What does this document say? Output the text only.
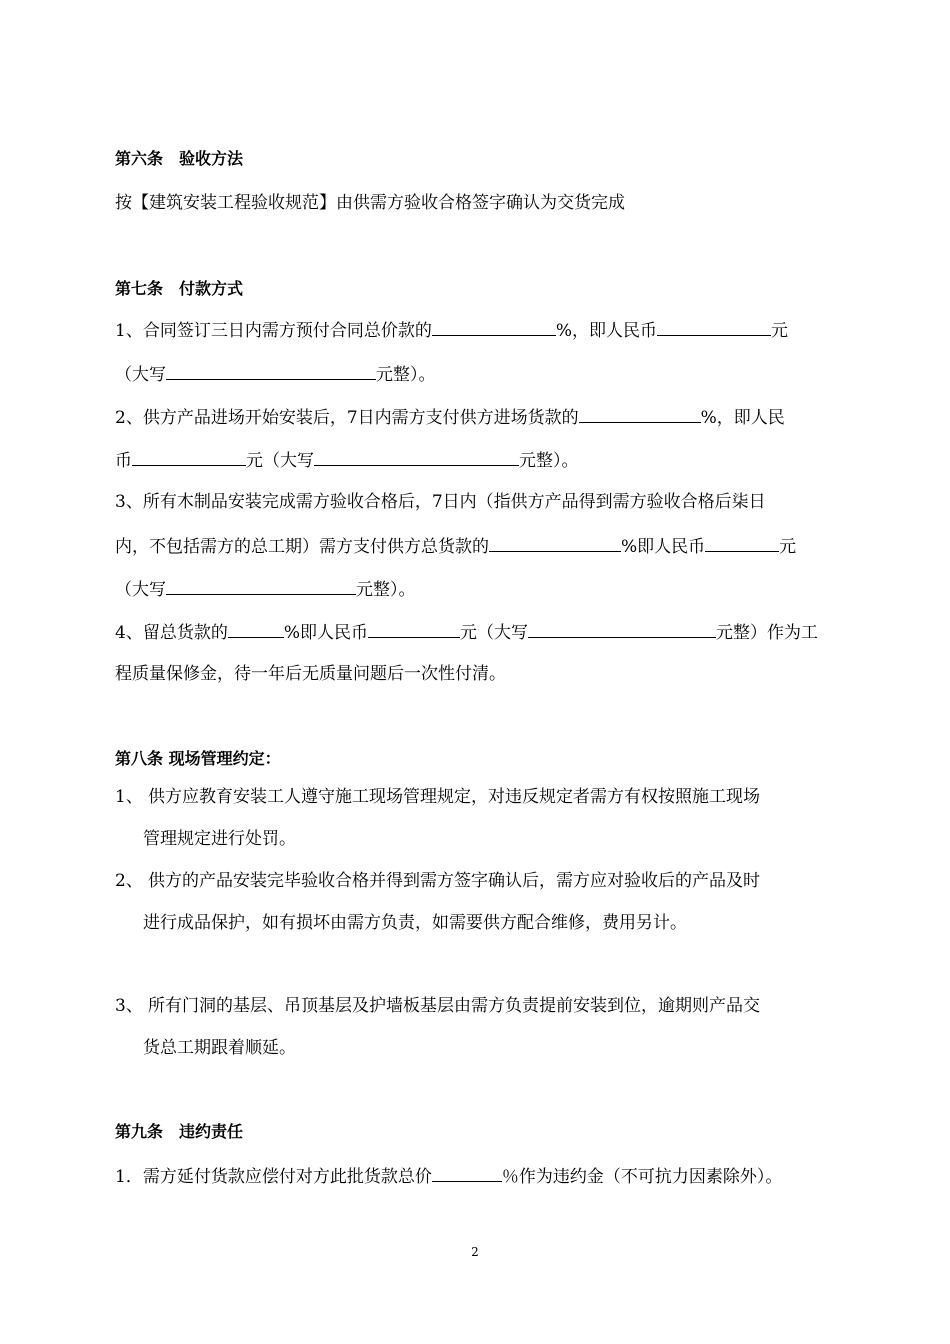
第六条　验收方法
按【建筑安装工程验收规范】由供需方验收合格签字确认为交货完成
第七条　付款方式
1、合同签订三日内需方预付合同总价款的	%，即人民币	元
（大写	元整）。
2、供方产品进场开始安装后，7日内需方支付供方进场货款的	%，即人民
币	元（大写	元整）。
3、所有木制品安装完成需方验收合格后，7日内（指供方产品得到需方验收合格后柒日
内，不包括需方的总工期）需方支付供方总货款的	%即人民币	元
（大写	元整）。
4、留总货款的	%即人民币	元（大写	元整）作为工
程质量保修金，待一年后无质量问题后一次性付清。
第八条 现场管理约定：
1、 供方应教育安装工人遵守施工现场管理规定，对违反规定者需方有权按照施工现场
管理规定进行处罚。
2、 供方的产品安装完毕验收合格并得到需方签字确认后，需方应对验收后的产品及时
进行成品保护，如有损坏由需方负责，如需要供方配合维修，费用另计。
3、 所有门洞的基层、吊顶基层及护墙板基层由需方负责提前安装到位，逾期则产品交
货总工期跟着顺延。
第九条　违约责任
1．需方延付货款应偿付对方此批货款总价	％作为违约金（不可抗力因素除外）。
2
